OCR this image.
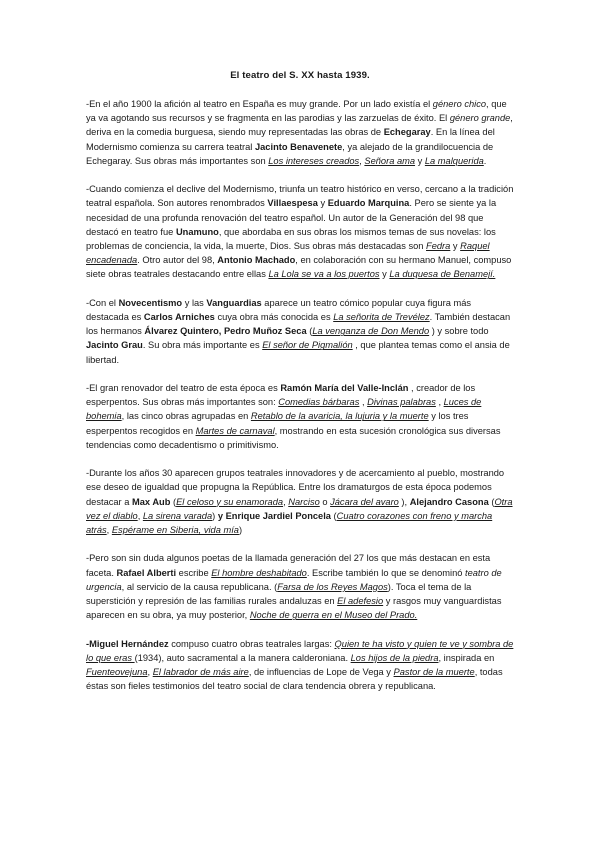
El teatro del S. XX hasta 1939.

-En el año 1900 la afición al teatro en España es muy grande. Por un lado existía el género chico, que ya va agotando sus recursos y se fragmenta en las parodias y las zarzuelas de éxito. El género grande, deriva en la comedia burguesa, siendo muy representadas las obras de Echegaray. En la línea del Modernismo comienza su carrera teatral Jacinto Benavenete, ya alejado de la grandilocuencia de Echegaray. Sus obras más importantes son Los intereses creados, Señora ama y La malquerida.

-Cuando comienza el declive del Modernismo, triunfa un teatro histórico en verso, cercano a la tradición teatral española. Son autores renombrados Villaespesa y Eduardo Marquina. Pero se siente ya la necesidad de una profunda renovación del teatro español. Un autor de la Generación del 98 que destacó en teatro fue Unamuno, que abordaba en sus obras los mismos temas de sus novelas: los problemas de conciencia, la vida, la muerte, Dios. Sus obras más destacadas son Fedra y Raquel encadenada. Otro autor del 98, Antonio Machado, en colaboración con su hermano Manuel, compuso siete obras teatrales destacando entre ellas La Lola se va a los puertos y La duquesa de Benamejí.

-Con el Novecentismo y las Vanguardias aparece un teatro cómico popular cuya figura más destacada es Carlos Arniches cuya obra más conocida es La señorita de Trevélez. También destacan los hermanos Álvarez Quintero, Pedro Muñoz Seca (La venganza de Don Mendo ) y sobre todo Jacinto Grau. Su obra más importante es El señor de Pigmalión , que plantea temas como el ansia de libertad.

-El gran renovador del teatro de esta época es Ramón María del Valle-Inclán , creador de los esperpentos. Sus obras más importantes son: Comedias bárbaras , Divinas palabras , Luces de bohemia, las cinco obras agrupadas en Retablo de la avaricia, la lujuria y la muerte y los tres esperpentos recogidos en Martes de carnaval, mostrando en esta sucesión cronológica sus diversas tendencias como decadentismo o primitivismo.

-Durante los años 30 aparecen grupos teatrales innovadores y de acercamiento al pueblo, mostrando ese deseo de igualdad que propugna la República. Entre los dramaturgos de esta época podemos destacar a Max Aub (El celoso y su enamorada, Narciso o Jácara del avaro ), Alejandro Casona (Otra vez el diablo, La sirena varada) y Enrique Jardiel Poncela (Cuatro corazones con freno y marcha atrás, Espérame en Siberia, vida mía)

-Pero son sin duda algunos poetas de la llamada generación del 27 los que más destacan en esta faceta. Rafael Alberti escribe El hombre deshabitado. Escribe también lo que se denominó teatro de urgencia, al servicio de la causa republicana. (Farsa de los Reyes Magos). Toca el tema de la superstición y represión de las familias rurales andaluzas en El adefesio y rasgos muy vanguardistas aparecen en su obra, ya muy posterior, Noche de guerra en el Museo del Prado.

-Miguel Hernández compuso cuatro obras teatrales largas: Quien te ha visto y quien te ve y sombra de lo que eras (1934), auto sacramental a la manera calderoniana. Los hijos de la piedra, inspirada en Fuenteovejuna, El labrador de más aire, de influencias de Lope de Vega y Pastor de la muerte, todas éstas son fieles testimonios del teatro social de clara tendencia obrera y republicana.
